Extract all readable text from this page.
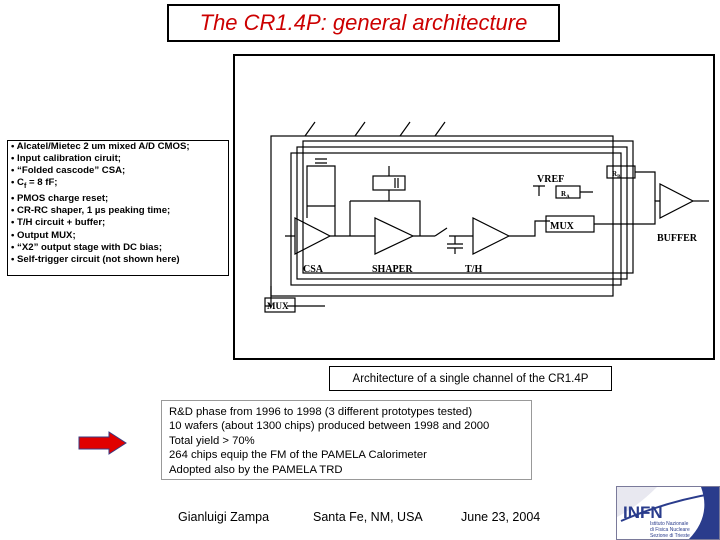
The CR1.4P: general architecture
• Alcatel/Mietec 2 um mixed A/D CMOS;
• Input calibration ciruit;
• “Folded cascode” CSA;
• $C_f = 8$ fF;
• PMOS charge reset;
• CR-RC shaper, 1 µs peaking time;
• T/H circuit + buffer;
• Output MUX;
• “X2” output stage with DC bias;
• Self-trigger circuit (not shown here)
VREF
MUX
CSA	SHAPER	T/H
BUFFER
MUX
$R_B$
$R_A$
Architecture of a single channel of the CR1.4P
R&D phase from 1996 to 1998 (3 different prototypes tested)
10 wafers (about 1300 chips) produced between 1998 and 2000
Total yield > 70%
264 chips equip the FM of the PAMELA Calorimeter
Adopted also by the PAMELA TRD
Gianluigi Zampa	Santa Fe, NM, USA	June 23, 2004	INFN
Istituto Nazionale
di Fisica Nucleare
Sezione di Trieste
